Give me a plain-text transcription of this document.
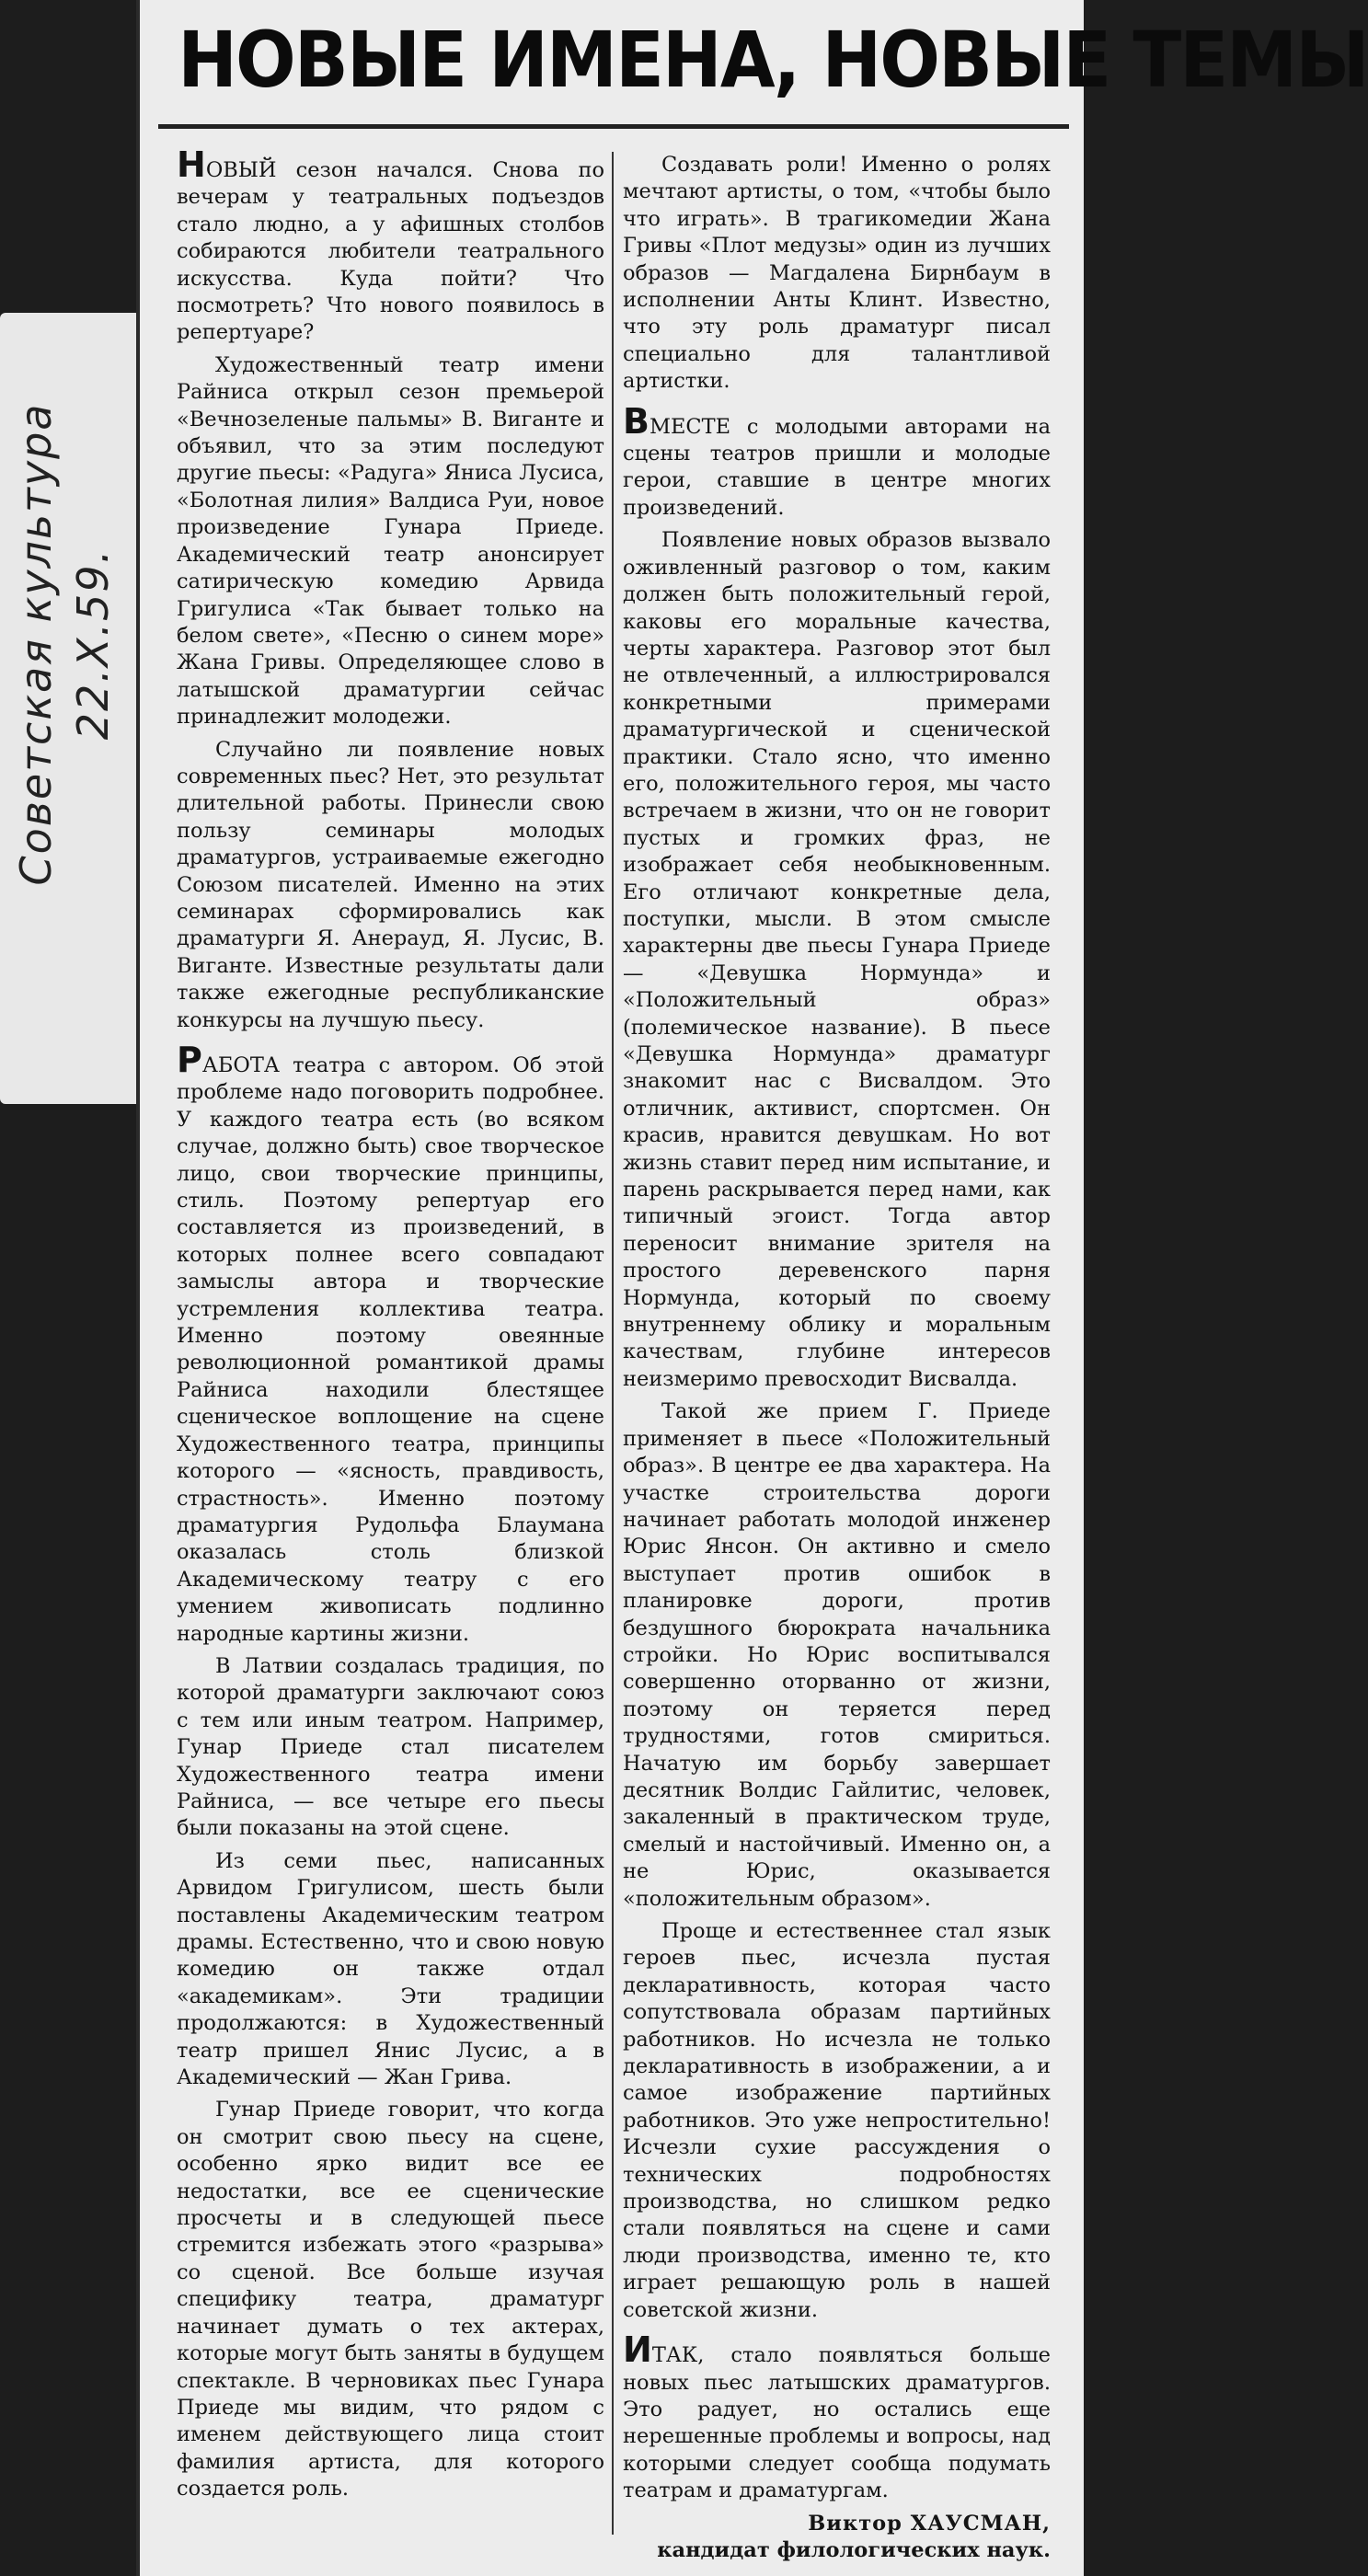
Советская культура 22.X.59.
НОВЫЕ ИМЕНА, НОВЫЕ ТЕМЫ

НОВЫЙ сезон начался. Снова по вечерам у театральных подъездов стало людно, а у афишных столбов собираются любители театрального искусства. Куда пойти? Что посмотреть? Что нового появилось в репертуаре?

Художественный театр имени Райниса открыл сезон премьерой «Вечнозеленые пальмы» В. Виганте и объявил, что за этим последуют другие пьесы: «Радуга» Яниса Лусиса, «Болотная лилия» Валдиса Руи, новое произведение Гунара Приеде. Академический театр анонсирует сатирическую комедию Арвида Григулиса «Так бывает только на белом свете», «Песню о синем море» Жана Гривы. Определяющее слово в латышской драматургии сейчас принадлежит молодежи.

Случайно ли появление новых современных пьес? Нет, это результат длительной работы. Принесли свою пользу семинары молодых драматургов, устраиваемые ежегодно Союзом писателей. Именно на этих семинарах сформировались как драматурги Я. Анерауд, Я. Лусис, В. Виганте. Известные результаты дали также ежегодные республиканские конкурсы на лучшую пьесу.

РАБОТА театра с автором. Об этой проблеме надо поговорить подробнее. У каждого театра есть (во всяком случае, должно быть) свое творческое лицо, свои творческие принципы, стиль. Поэтому репертуар его составляется из произведений, в которых полнее всего совпадают замыслы автора и творческие устремления коллектива театра. Именно поэтому овеянные революционной романтикой драмы Райниса находили блестящее сценическое воплощение на сцене Художественного театра, принципы которого — «ясность, правдивость, страстность». Именно поэтому драматургия Рудольфа Блаумана оказалась столь близкой Академическому театру с его умением живописать подлинно народные картины жизни.

В Латвии создалась традиция, по которой драматурги заключают союз с тем или иным театром. Например, Гунар Приеде стал писателем Художественного театра имени Райниса, — все четыре его пьесы были показаны на этой сцене.

Из семи пьес, написанных Арвидом Григулисом, шесть были поставлены Академическим театром драмы. Естественно, что и свою новую комедию он также отдал «академикам». Эти традиции продолжаются: в Художественный театр пришел Янис Лусис, а в Академический — Жан Грива.

Гунар Приеде говорит, что когда он смотрит свою пьесу на сцене, особенно ярко видит все ее недостатки, все ее сценические просчеты и в следующей пьесе стремится избежать этого «разрыва» со сценой. Все больше изучая специфику театра, драматург начинает думать о тех актерах, которые могут быть заняты в будущем спектакле. В черновиках пьес Гунара Приеде мы видим, что рядом с именем действующего лица стоит фамилия артиста, для которого создается роль.

Создавать роли! Именно о ролях мечтают артисты, о том, «чтобы было что играть». В трагикомедии Жана Гривы «Плот медузы» один из лучших образов — Магдалена Бирнбаум в исполнении Анты Клинт. Известно, что эту роль драматург писал специально для талантливой артистки.

ВМЕСТЕ с молодыми авторами на сцены театров пришли и молодые герои, ставшие в центре многих произведений.

Появление новых образов вызвало оживленный разговор о том, каким должен быть положительный герой, каковы его моральные качества, черты характера. Разговор этот был не отвлеченный, а иллюстрировался конкретными примерами драматургической и сценической практики. Стало ясно, что именно его, положительного героя, мы часто встречаем в жизни, что он не говорит пустых и громких фраз, не изображает себя необыкновенным. Его отличают конкретные дела, поступки, мысли. В этом смысле характерны две пьесы Гунара Приеде — «Девушка Нормунда» и «Положительный образ» (полемическое название). В пьесе «Девушка Нормунда» драматург знакомит нас с Висвалдом. Это отличник, активист, спортсмен. Он красив, нравится девушкам. Но вот жизнь ставит перед ним испытание, и парень раскрывается перед нами, как типичный эгоист. Тогда автор переносит внимание зрителя на простого деревенского парня Нормунда, который по своему внутреннему облику и моральным качествам, глубине интересов неизмеримо превосходит Висвалда.

Такой же прием Г. Приеде применяет в пьесе «Положительный образ». В центре ее два характера. На участке строительства дороги начинает работать молодой инженер Юрис Янсон. Он активно и смело выступает против ошибок в планировке дороги, против бездушного бюрократа начальника стройки. Но Юрис воспитывался совершенно оторванно от жизни, поэтому он теряется перед трудностями, готов смириться. Начатую им борьбу завершает десятник Волдис Гайлитис, человек, закаленный в практическом труде, смелый и настойчивый. Именно он, а не Юрис, оказывается «положительным образом».

Проще и естественнее стал язык героев пьес, исчезла пустая декларативность, которая часто сопутствовала образам партийных работников. Но исчезла не только декларативность в изображении, а и самое изображение партийных работников. Это уже непростительно! Исчезли сухие рассуждения о технических подробностях производства, но слишком редко стали появляться на сцене и сами люди производства, именно те, кто играет решающую роль в нашей советской жизни.

ИТАК, стало появляться больше новых пьес латышских драматургов. Это радует, но остались еще нерешенные проблемы и вопросы, над которыми следует сообща подумать театрам и драматургам.

Виктор ХАУСМАН,
кандидат филологических наук.
